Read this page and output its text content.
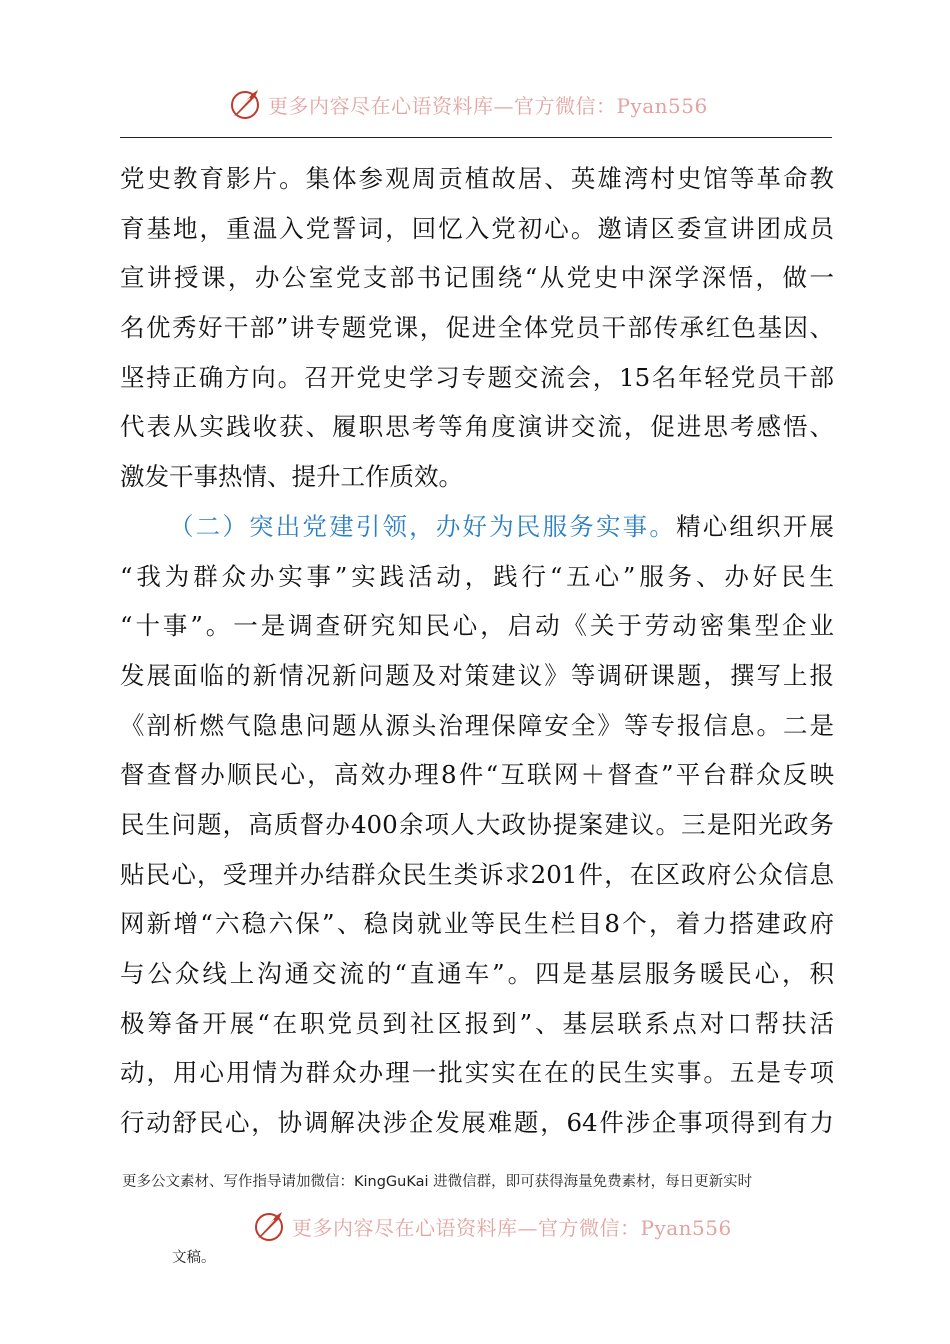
更多内容尽在心语资料库—官方微信：Pyan556
党史教育影片。集体参观周贡植故居、英雄湾村史馆等革命教
育基地，重温入党誓词，回忆入党初心。邀请区委宣讲团成员
宣讲授课，办公室党支部书记围绕“从党史中深学深悟，做一
名优秀好干部”讲专题党课，促进全体党员干部传承红色基因、
坚持正确方向。召开党史学习专题交流会，15名年轻党员干部
代表从实践收获、履职思考等角度演讲交流，促进思考感悟、
激发干事热情、提升工作质效。
（二）突出党建引领，办好为民服务实事。精心组织开展
“我为群众办实事”实践活动，践行“五心”服务、办好民生
“十事”。一是调查研究知民心，启动《关于劳动密集型企业
发展面临的新情况新问题及对策建议》等调研课题，撰写上报
《剖析燃气隐患问题从源头治理保障安全》等专报信息。二是
督查督办顺民心，高效办理8件“互联网＋督查”平台群众反映
民生问题，高质督办400余项人大政协提案建议。三是阳光政务
贴民心，受理并办结群众民生类诉求201件，在区政府公众信息
网新增“六稳六保”、稳岗就业等民生栏目8个，着力搭建政府
与公众线上沟通交流的“直通车”。四是基层服务暖民心，积
极筹备开展“在职党员到社区报到”、基层联系点对口帮扶活
动，用心用情为群众办理一批实实在在的民生实事。五是专项
行动舒民心，协调解决涉企发展难题，64件涉企事项得到有力
更多公文素材、写作指导请加微信：KingGuKai 进微信群，即可获得海量免费素材，每日更新实时
更多内容尽在心语资料库—官方微信：Pyan556
文稿。
